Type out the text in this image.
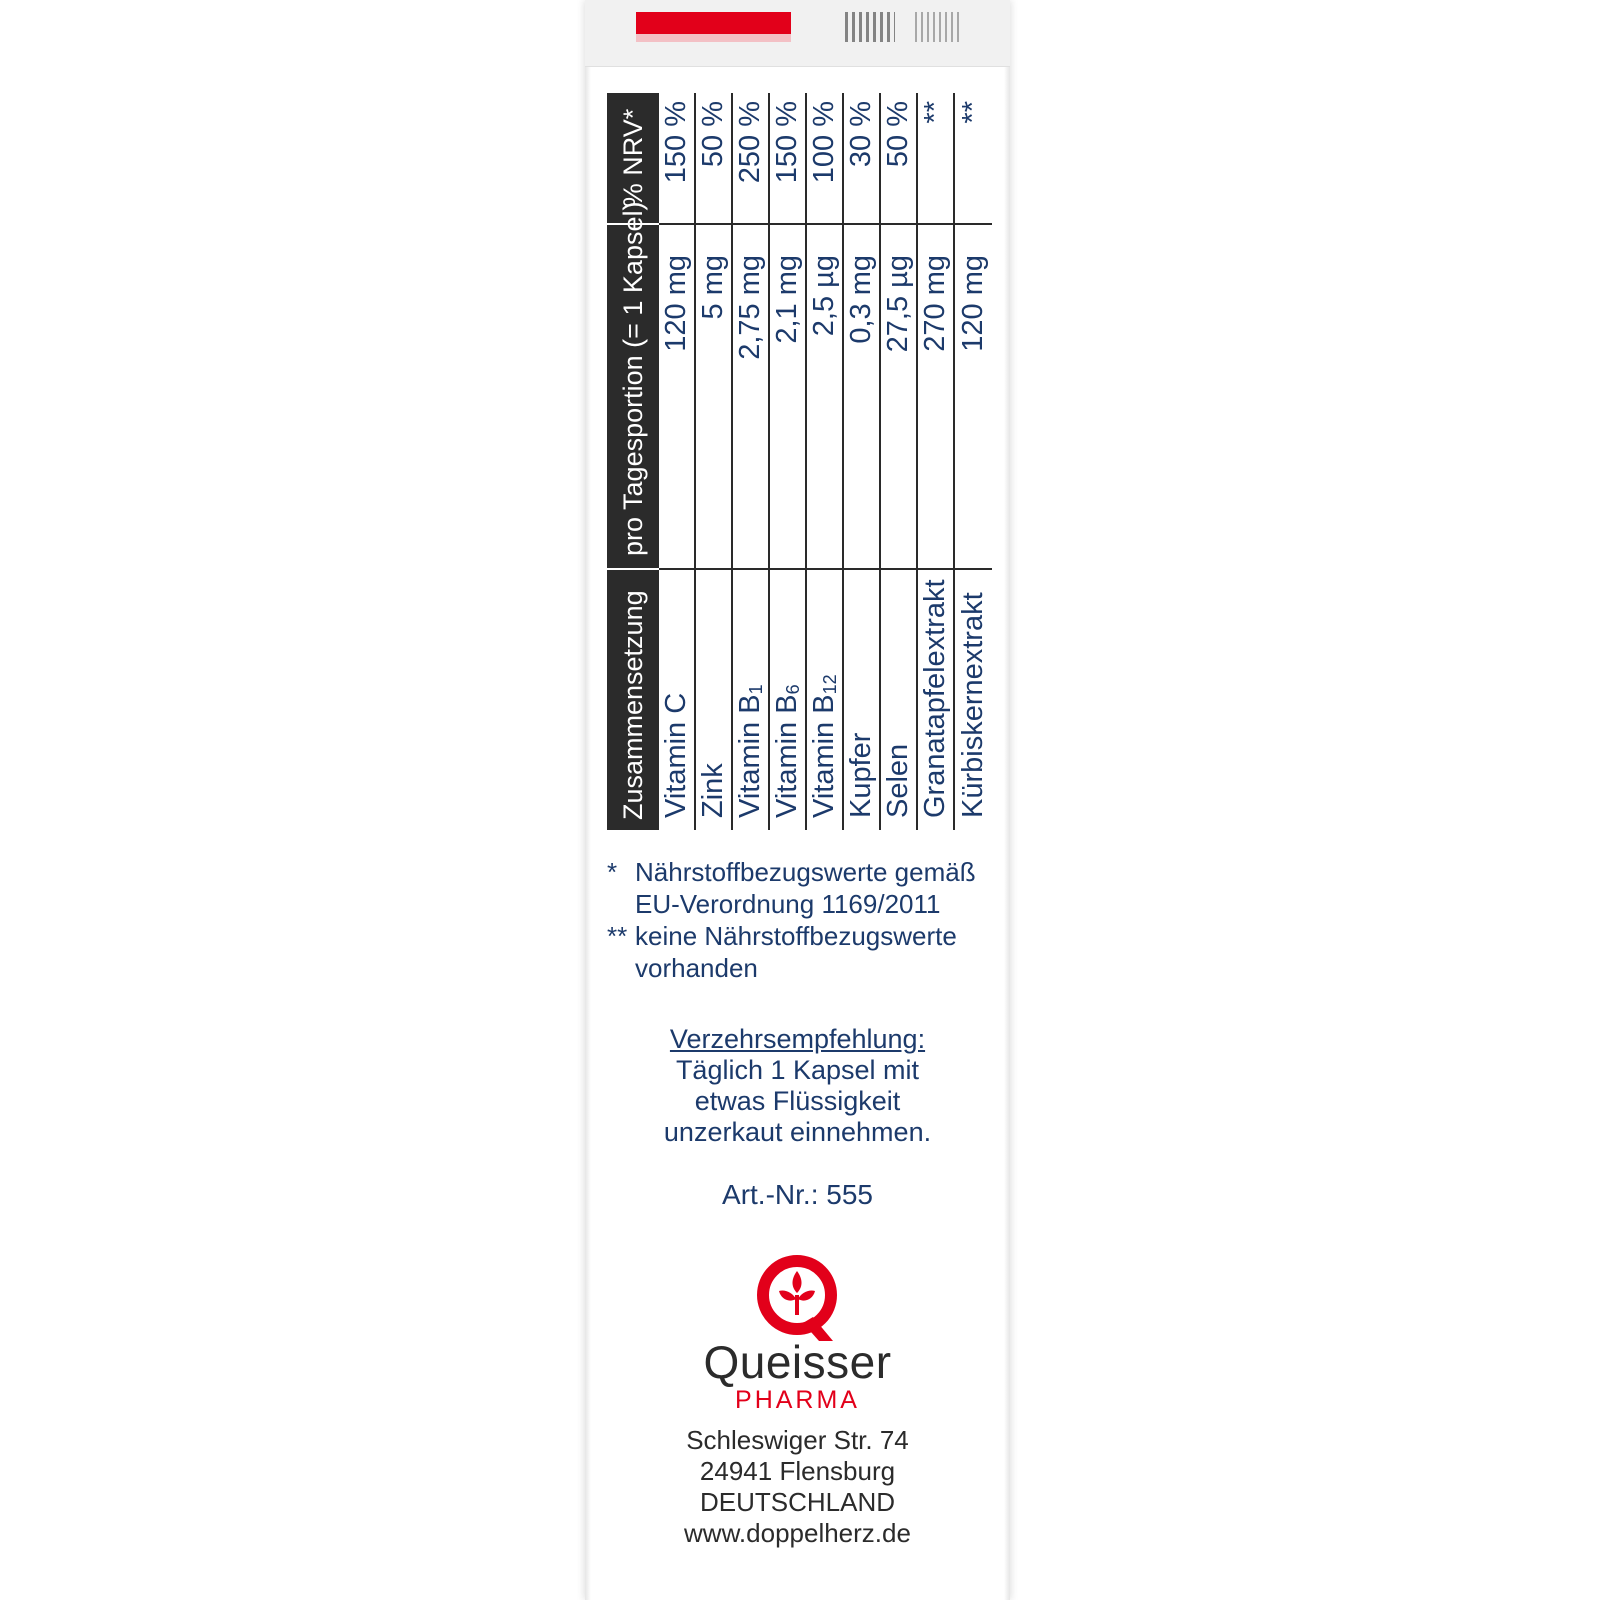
Zusammensetzung
pro Tagesportion (= 1 Kapsel)
% NRV*
Vitamin C
120 mg
150 %
Zink
5 mg
50 %
Vitamin $B_1$
2,75 mg
250 %
Vitamin $B_6$
2,1 mg
150 %
Vitamin $B_{12}$
2,5 µg
100 %
Kupfer
0,3 mg
30 %
Selen
27,5 µg
50 %
Granatapfelextrakt
270 mg
**
Kürbiskernextrakt
120 mg
**
* Nährstoffbezugswerte gemäß EU-Verordnung 1169/2011
** keine Nährstoffbezugswerte vorhanden
Verzehrsempfehlung:
Täglich 1 Kapsel mit
etwas Flüssigkeit
unzerkaut einnehmen.
Art.-Nr.: 555
Queisser
PHARMA
Schleswiger Str. 74
24941 Flensburg
DEUTSCHLAND
www.doppelherz.de
